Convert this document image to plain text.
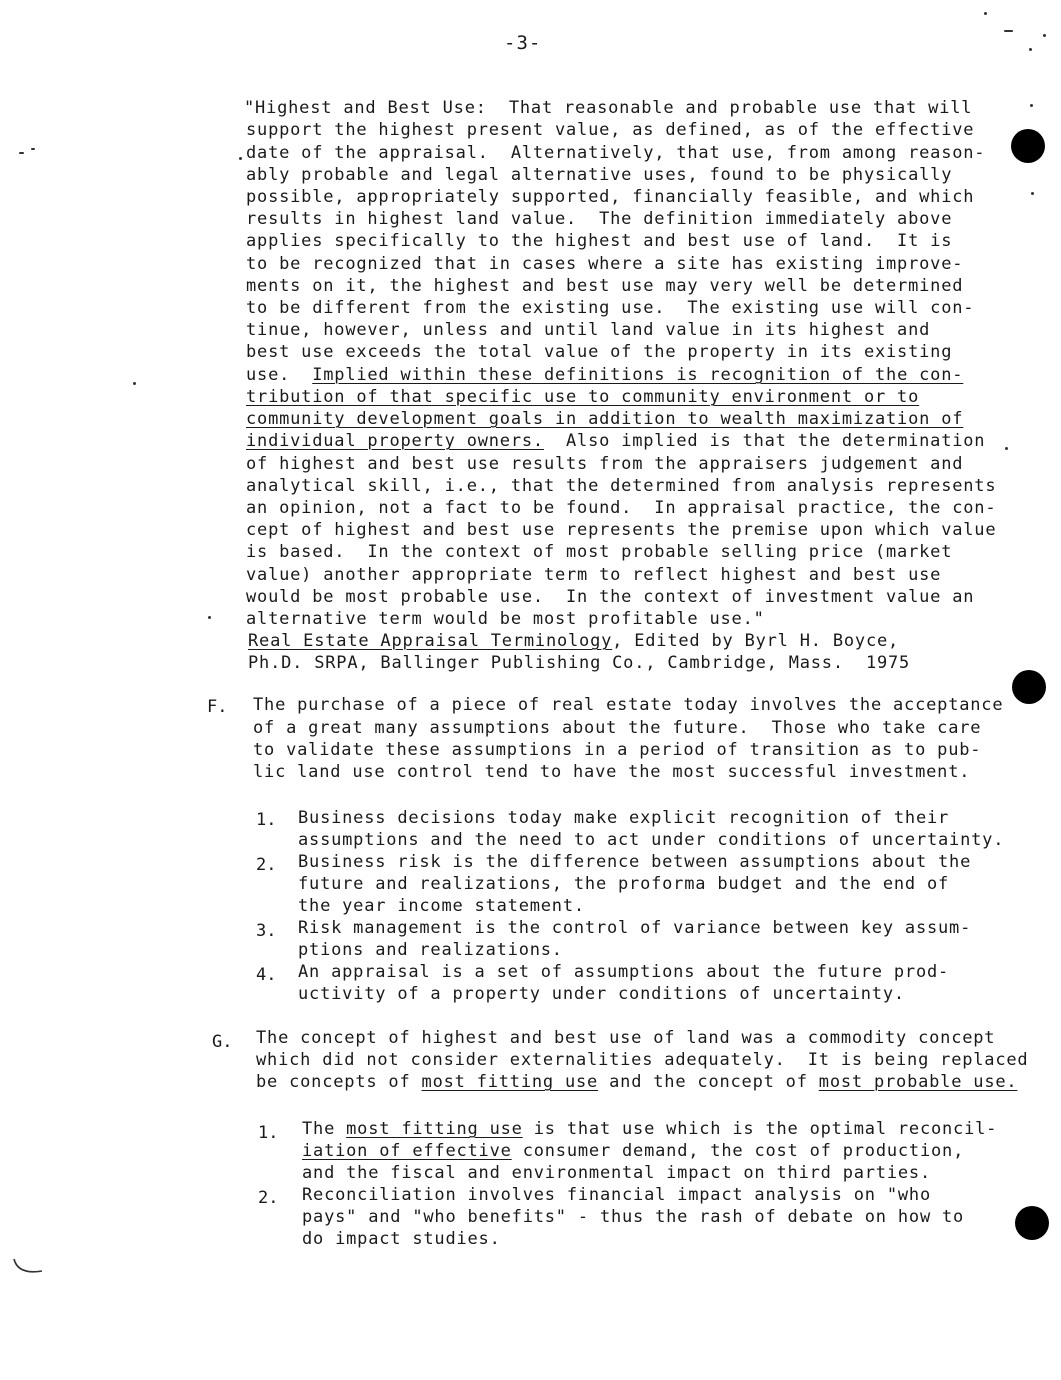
-3-
"Highest and Best Use:  That reasonable and probable use that will
support the highest present value, as defined, as of the effective
date of the appraisal.  Alternatively, that use, from among reason-
ably probable and legal alternative uses, found to be physically
possible, appropriately supported, financially feasible, and which
results in highest land value.  The definition immediately above
applies specifically to the highest and best use of land.  It is
to be recognized that in cases where a site has existing improve-
ments on it, the highest and best use may very well be determined
to be different from the existing use.  The existing use will con-
tinue, however, unless and until land value in its highest and
best use exceeds the total value of the property in its existing
use.  Implied within these definitions is recognition of the con-
tribution of that specific use to community environment or to
community development goals in addition to wealth maximization of
individual property owners.  Also implied is that the determination
of highest and best use results from the appraisers judgement and
analytical skill, i.e., that the determined from analysis represents
an opinion, not a fact to be found.  In appraisal practice, the con-
cept of highest and best use represents the premise upon which value
is based.  In the context of most probable selling price (market
value) another appropriate term to reflect highest and best use
would be most probable use.  In the context of investment value an
alternative term would be most profitable use."
Real Estate Appraisal Terminology, Edited by Byrl H. Boyce,
Ph.D. SRPA, Ballinger Publishing Co., Cambridge, Mass.  1975
F. The purchase of a piece of real estate today involves the acceptance
of a great many assumptions about the future.  Those who take care
to validate these assumptions in a period of transition as to pub-
lic land use control tend to have the most successful investment.
1. Business decisions today make explicit recognition of their
assumptions and the need to act under conditions of uncertainty.
2. Business risk is the difference between assumptions about the
future and realizations, the proforma budget and the end of
the year income statement.
3. Risk management is the control of variance between key assum-
ptions and realizations.
4. An appraisal is a set of assumptions about the future prod-
uctivity of a property under conditions of uncertainty.
G. The concept of highest and best use of land was a commodity concept
which did not consider externalities adequately.  It is being replaced
be concepts of most fitting use and the concept of most probable use.
1. The most fitting use is that use which is the optimal reconcil-
iation of effective consumer demand, the cost of production,
and the fiscal and environmental impact on third parties.
2. Reconciliation involves financial impact analysis on "who
pays" and "who benefits" - thus the rash of debate on how to
do impact studies.
